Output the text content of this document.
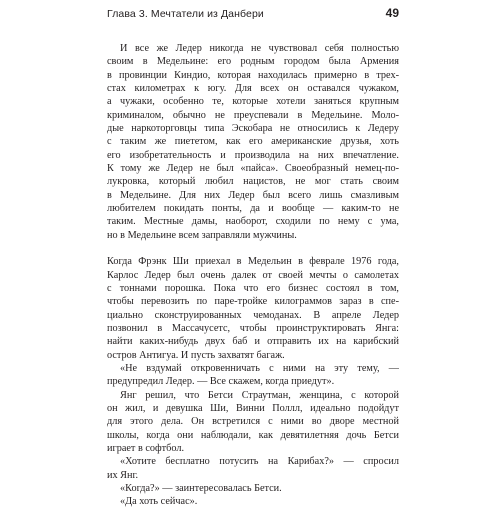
Глава 3. Мечтатели из Данбери	49
И все же Ледер никогда не чувствовал себя полностью
своим в Медельине: его родным городом была Армения
в провинции Киндио, которая находилась примерно в трех-
стах километрах к югу. Для всех он оставался чужаком,
а чужаки, особенно те, которые хотели заняться крупным
криминалом, обычно не преуспевали в Медельине. Моло-
дые наркоторговцы типа Эскобара не относились к Ледеру
с таким же пиететом, как его американские друзья, хоть
его изобретательность и производила на них впечатление.
К тому же Ледер не был «пайса». Своеобразный немец-по-
лукровка, который любил нацистов, не мог стать своим
в Медельине. Для них Ледер был всего лишь смазливым
любителем покидать понты, да и вообще — каким-то не
таким. Местные дамы, наоборот, сходили по нему с ума,
но в Медельине всем заправляли мужчины.
Когда Фрэнк Ши приехал в Медельин в феврале 1976 года,
Карлос Ледер был очень далек от своей мечты о самолетах
с тоннами порошка. Пока что его бизнес состоял в том,
чтобы перевозить по паре-тройке килограммов зараз в спе-
циально сконструированных чемоданах. В апреле Ледер
позвонил в Массачусетс, чтобы проинструктировать Янга:
найти каких-нибудь двух баб и отправить их на карибский
остров Антигуа. И пусть захватят багаж.
«Не вздумай откровенничать с ними на эту тему, —
предупредил Ледер. — Все скажем, когда приедут».
Янг решил, что Бетси Страутман, женщина, с которой
он жил, и девушка Ши, Винни Поллл, идеально подойдут
для этого дела. Он встретился с ними во дворе местной
школы, когда они наблюдали, как девятилетняя дочь Бетси
играет в софтбол.
«Хотите бесплатно потусить на Карибах?» — спросил
их Янг.
«Когда?» — заинтересовалась Бетси.
«Да хоть сейчас».
